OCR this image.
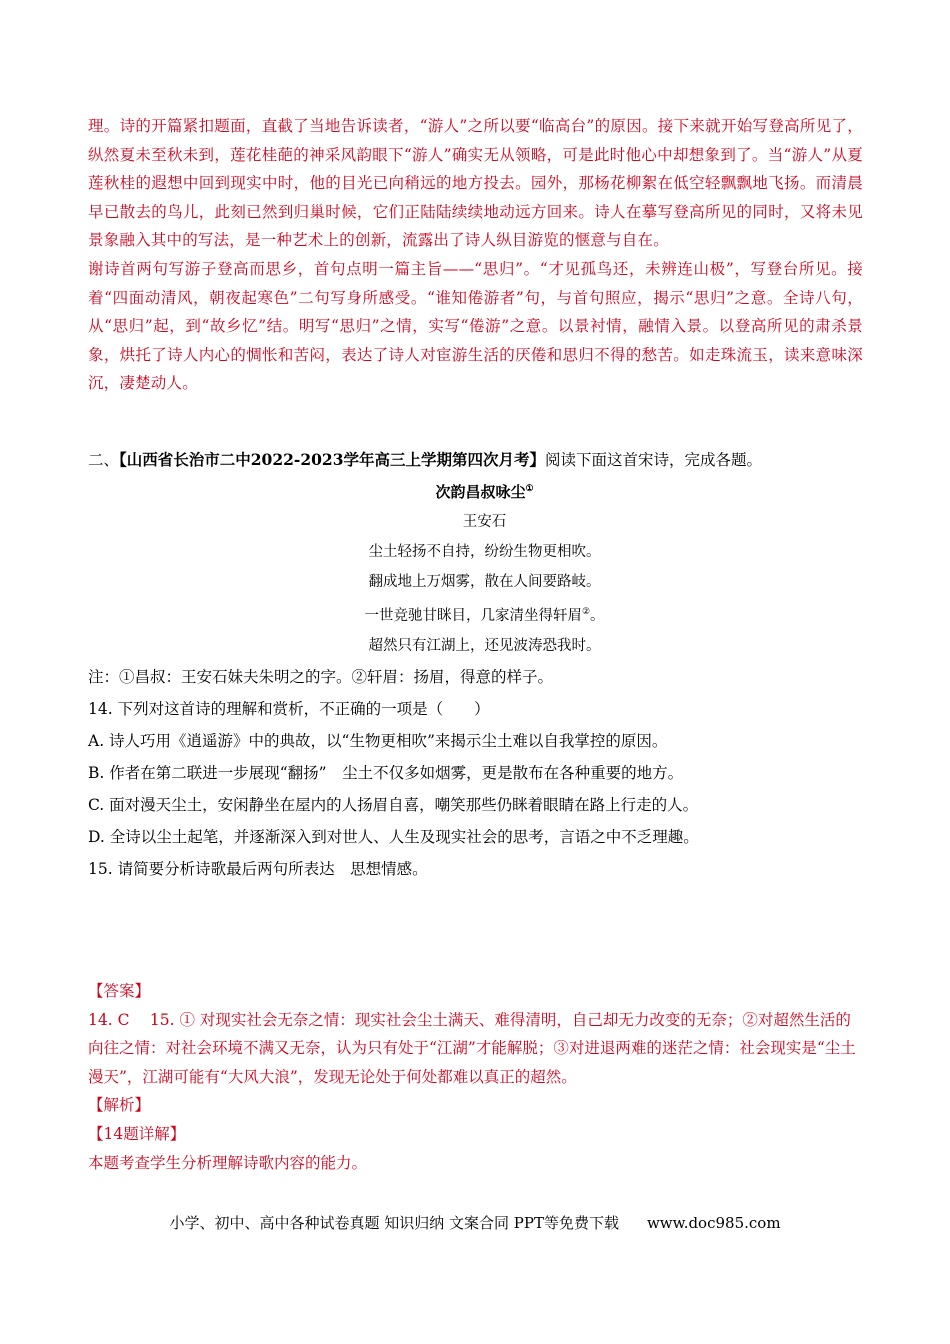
理。诗的开篇紧扣题面，直截了当地告诉读者，“游人”之所以要“临高台”的原因。接下来就开始写登高所见了，纵然夏未至秋未到，莲花桂葩的神采风韵眼下“游人”确实无从领略，可是此时他心中却想象到了。当“游人”从夏莲秋桂的遐想中回到现实中时，他的目光已向稍远的地方投去。园外，那杨花柳絮在低空轻飘飘地飞扬。而清晨早已散去的鸟儿，此刻已然到归巢时候，它们正陆陆续续地动远方回来。诗人在摹写登高所见的同时，又将未见景象融入其中的写法，是一种艺术上的创新，流露出了诗人纵目游览的惬意与自在。

谢诗首两句写游子登高而思乡，首句点明一篇主旨——“思归”。“才见孤鸟还，未辨连山极”，写登台所见。接着“四面动清风，朝夜起寒色”二句写身所感受。“谁知倦游者”句，与首句照应，揭示“思归”之意。全诗八句，从“思归”起，到“故乡忆”结。明写“思归”之情，实写“倦游”之意。以景衬情，融情入景。以登高所见的肃杀景象，烘托了诗人内心的惆怅和苦闷，表达了诗人对宦游生活的厌倦和思归不得的愁苦。如走珠流玉，读来意味深沉，凄楚动人。

二、【山西省长治市二中2022-2023学年高三上学期第四次月考】阅读下面这首宋诗，完成各题。
次韵昌叔咏尘①
王安石
尘土轻扬不自持，纷纷生物更相吹。
翻成地上万烟雾，散在人间要路岐。
一世竞驰甘眯目，几家清坐得轩眉②。
超然只有江湖上，还见波涛恐我时。

注：①昌叔：王安石妹夫朱明之的字。②轩眉：扬眉，得意的样子。

14. 下列对这首诗的理解和赏析，不正确的一项是（　　）

A. 诗人巧用《逍遥游》中的典故，以“生物更相吹”来揭示尘土难以自我掌控的原因。

B. 作者在第二联进一步展现“翻扬”　尘土不仅多如烟雾，更是散布在各种重要的地方。

C. 面对漫天尘土，安闲静坐在屋内的人扬眉自喜，嘲笑那些仍眯着眼睛在路上行走的人。

D. 全诗以尘土起笔，并逐渐深入到对世人、人生及现实社会的思考，言语之中不乏理趣。

15. 请简要分析诗歌最后两句所表达　思想情感。

【答案】

14. C　 15. ① 对现实社会无奈之情：现实社会尘土满天、难得清明，自己却无力改变的无奈；②对超然生活的向往之情：对社会环境不满又无奈，认为只有处于“江湖”才能解脱；③对进退两难的迷茫之情：社会现实是“尘土漫天”，江湖可能有“大风大浪”，发现无论处于何处都难以真正的超然。

【解析】

【14题详解】

本题考查学生分析理解诗歌内容的能力。

小学、初中、高中各种试卷真题 知识归纳 文案合同 PPT等免费下载 www.doc985.com
